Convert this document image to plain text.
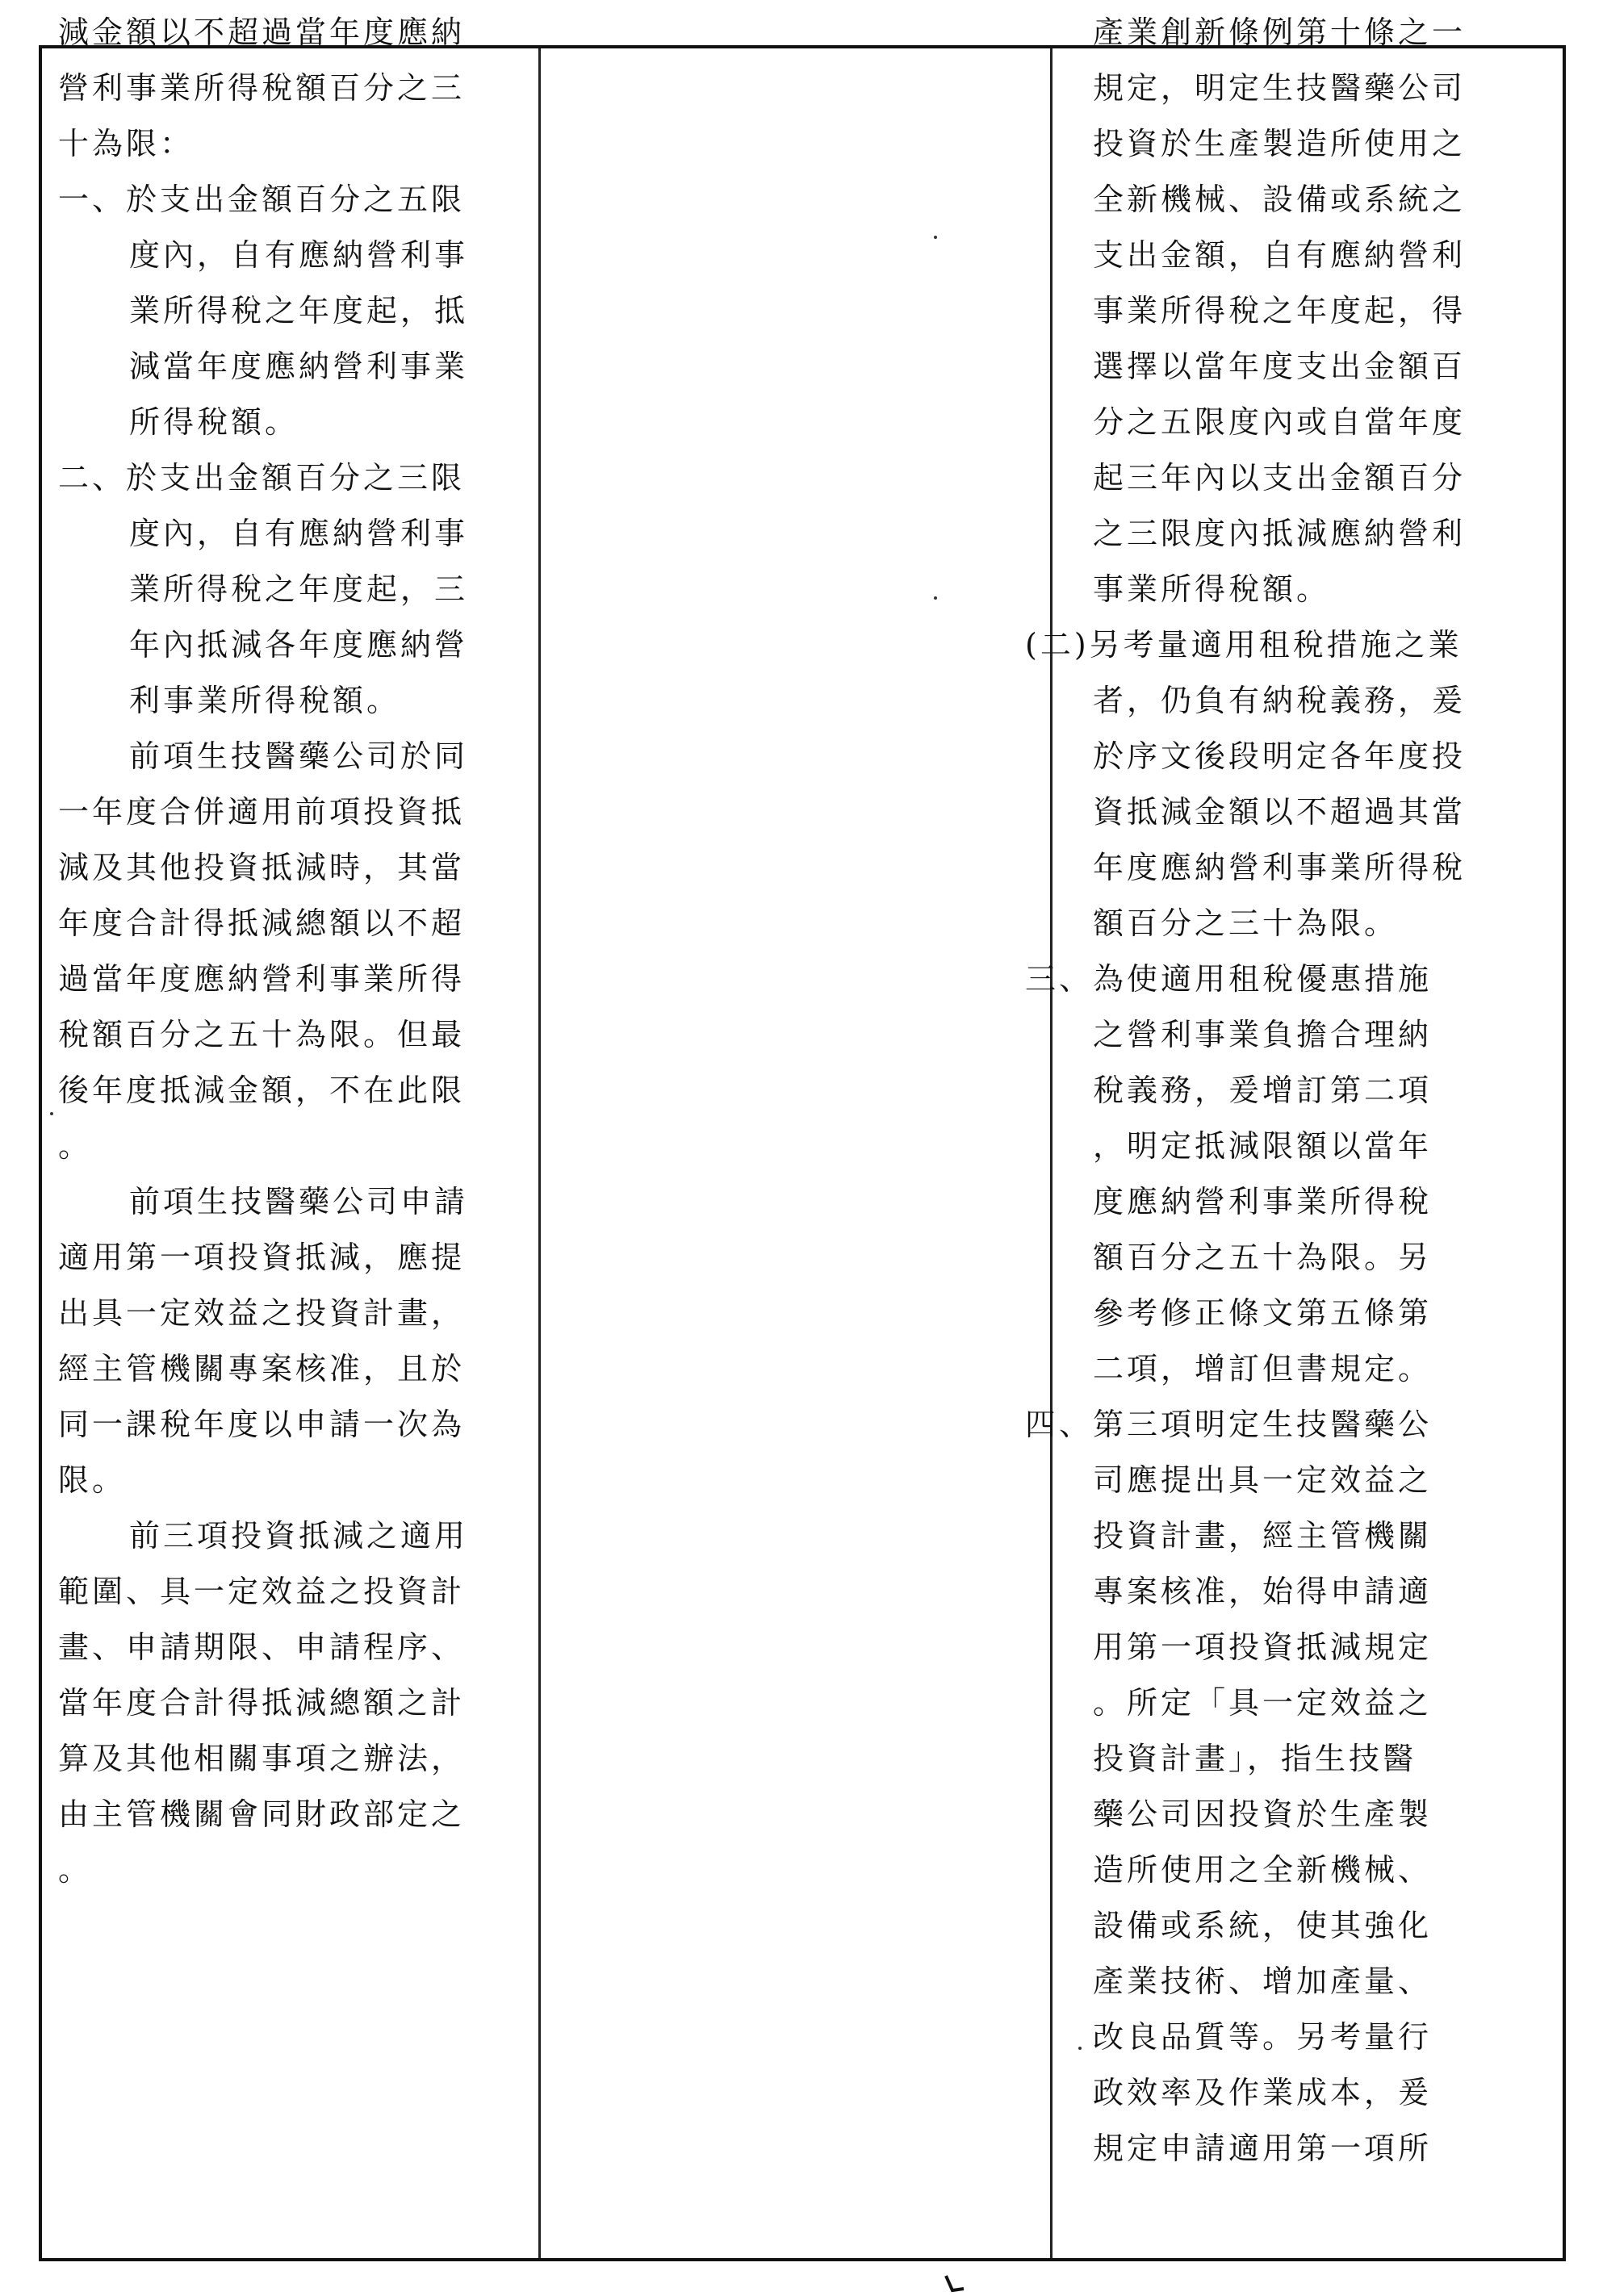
減金額以不超過當年度應納
營利事業所得稅額百分之三
十為限：
一、於支出金額百分之五限
度內，自有應納營利事
業所得稅之年度起，抵
減當年度應納營利事業
所得稅額。
二、於支出金額百分之三限
度內，自有應納營利事
業所得稅之年度起，三
年內抵減各年度應納營
利事業所得稅額。
前項生技醫藥公司於同
一年度合併適用前項投資抵
減及其他投資抵減時，其當
年度合計得抵減總額以不超
過當年度應納營利事業所得
稅額百分之五十為限。但最
後年度抵減金額，不在此限
。
前項生技醫藥公司申請
適用第一項投資抵減，應提
出具一定效益之投資計畫，
經主管機關專案核准，且於
同一課稅年度以申請一次為
限。
前三項投資抵減之適用
範圍、具一定效益之投資計
畫、申請期限、申請程序、
當年度合計得抵減總額之計
算及其他相關事項之辦法，
由主管機關會同財政部定之
。
產業創新條例第十條之一
規定，明定生技醫藥公司
投資於生產製造所使用之
全新機械、設備或系統之
支出金額，自有應納營利
事業所得稅之年度起，得
選擇以當年度支出金額百
分之五限度內或自當年度
起三年內以支出金額百分
之三限度內抵減應納營利
事業所得稅額。
(二)另考量適用租稅措施之業
者，仍負有納稅義務，爰
於序文後段明定各年度投
資抵減金額以不超過其當
年度應納營利事業所得稅
額百分之三十為限。
三、為使適用租稅優惠措施
之營利事業負擔合理納
稅義務，爰增訂第二項
，明定抵減限額以當年
度應納營利事業所得稅
額百分之五十為限。另
參考修正條文第五條第
二項，增訂但書規定。
四、第三項明定生技醫藥公
司應提出具一定效益之
投資計畫，經主管機關
專案核准，始得申請適
用第一項投資抵減規定
。所定「具一定效益之
投資計畫」，指生技醫
藥公司因投資於生產製
造所使用之全新機械、
設備或系統，使其強化
產業技術、增加產量、
改良品質等。另考量行
政效率及作業成本，爰
規定申請適用第一項所
